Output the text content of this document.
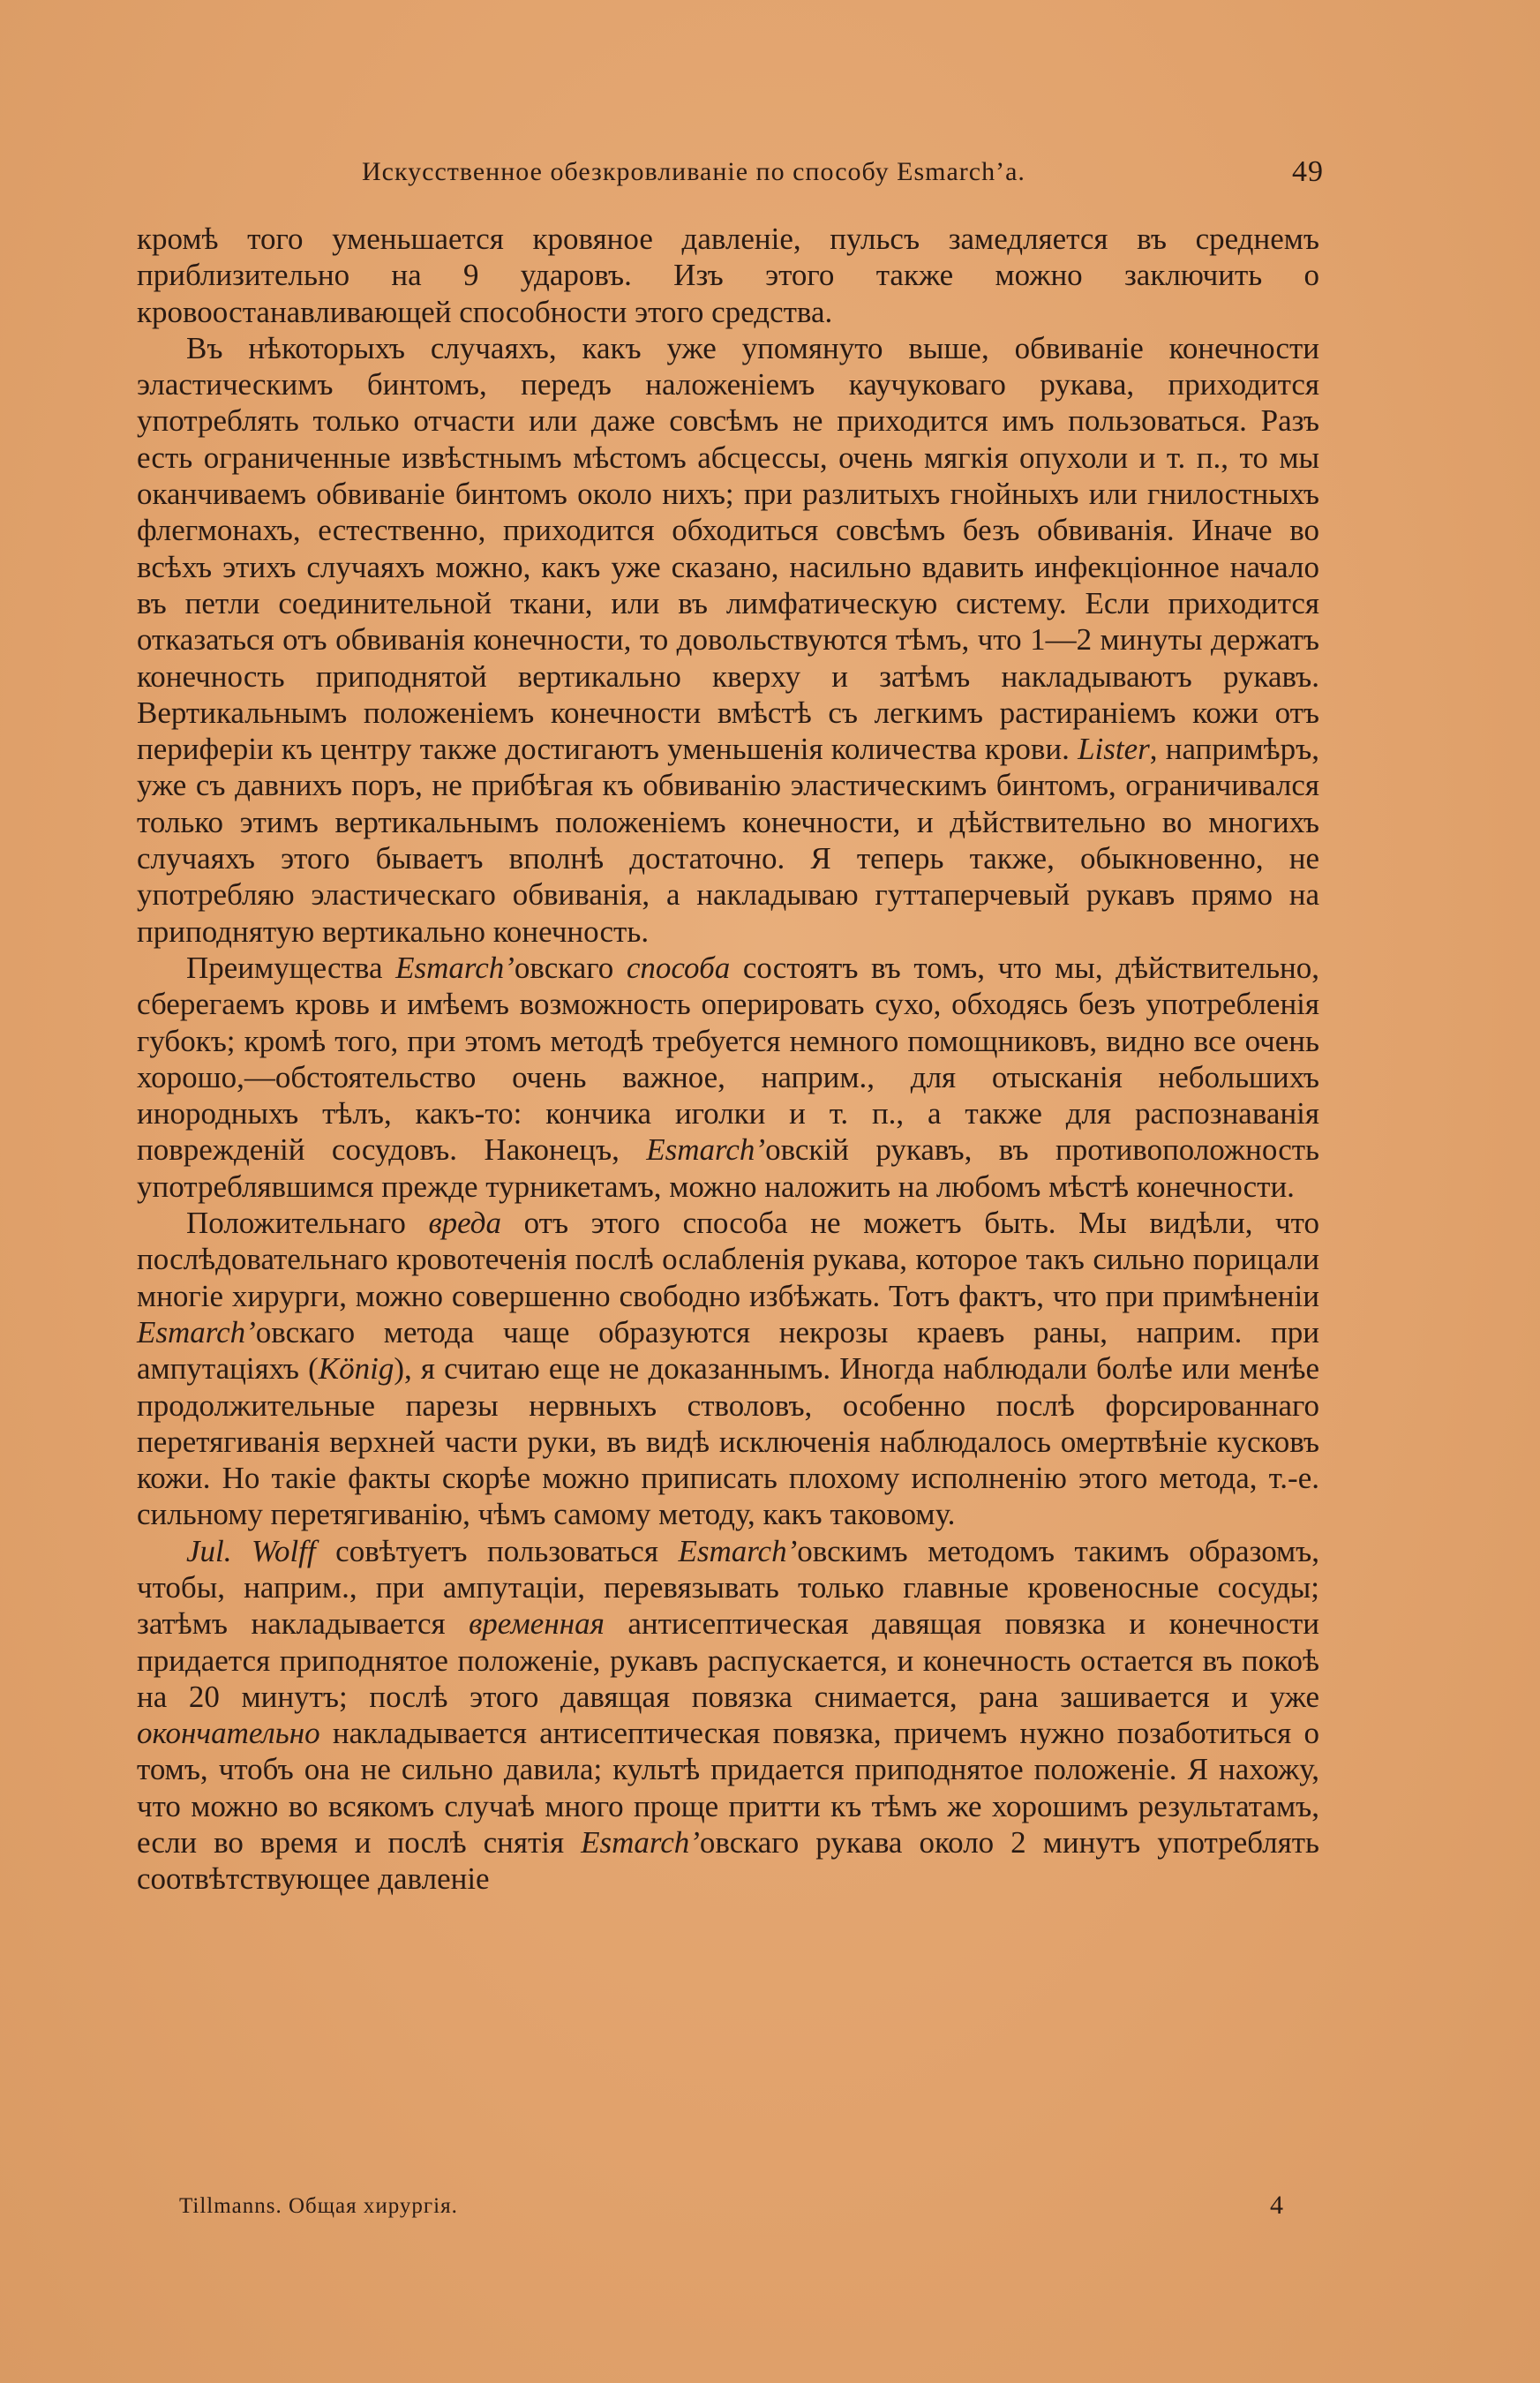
Искусственное обезкровливаніе по способу Esmarch’а.	49

кромѣ того уменьшается кровяное давленіе, пульсъ замедляется въ среднемъ приблизительно на 9 ударовъ. Изъ этого также можно заключить о кровоостанавливающей способности этого средства.

Въ нѣкоторыхъ случаяхъ, какъ уже упомянуто выше, обвиваніе конечности эластическимъ бинтомъ, передъ наложеніемъ каучуковаго рукава, приходится употреблять только отчасти или даже совсѣмъ не приходится имъ пользоваться. Разъ есть ограниченные извѣстнымъ мѣстомъ абсцессы, очень мягкія опухоли и т. п., то мы оканчиваемъ обвиваніе бинтомъ около нихъ; при разлитыхъ гнойныхъ или гнилостныхъ флегмонахъ, естественно, приходится обходиться совсѣмъ безъ обвиванія. Иначе во всѣхъ этихъ случаяхъ можно, какъ уже сказано, насильно вдавить инфекціонное начало въ петли соединительной ткани, или въ лимфатическую систему. Если приходится отказаться отъ обвиванія конечности, то довольствуются тѣмъ, что 1—2 минуты держатъ конечность приподнятой вертикально кверху и затѣмъ накладываютъ рукавъ. Вертикальнымъ положеніемъ конечности вмѣстѣ съ легкимъ растираніемъ кожи отъ периферіи къ центру также достигаютъ уменьшенія количества крови. Lister, напримѣръ, уже съ давнихъ поръ, не прибѣгая къ обвиванію эластическимъ бинтомъ, ограничивался только этимъ вертикальнымъ положеніемъ конечности, и дѣйствительно во многихъ случаяхъ этого бываетъ вполнѣ достаточно. Я теперь также, обыкновенно, не употребляю эластическаго обвиванія, а накладываю гуттаперчевый рукавъ прямо на приподнятую вертикально конечность.

Преимущества Esmarch’овскаго способа состоятъ въ томъ, что мы, дѣйствительно, сберегаемъ кровь и имѣемъ возможность оперировать сухо, обходясь безъ употребленія губокъ; кромѣ того, при этомъ методѣ требуется немного помощниковъ, видно все очень хорошо,—обстоятельство очень важное, наприм., для отысканія небольшихъ инородныхъ тѣлъ, какъ-то: кончика иголки и т. п., а также для распознаванія поврежденій сосудовъ. Наконецъ, Esmarch’овскій рукавъ, въ противоположность употреблявшимся прежде турникетамъ, можно наложить на любомъ мѣстѣ конечности.

Положительнаго вреда отъ этого способа не можетъ быть. Мы видѣли, что послѣдовательнаго кровотеченія послѣ ослабленія рукава, которое такъ сильно порицали многіе хирурги, можно совершенно свободно избѣжать. Тотъ фактъ, что при примѣненіи Esmarch’овскаго метода чаще образуются некрозы краевъ раны, наприм. при ампутаціяхъ (König), я считаю еще не доказаннымъ. Иногда наблюдали болѣе или менѣе продолжительные парезы нервныхъ стволовъ, особенно послѣ форсированнаго перетягиванія верхней части руки, въ видѣ исключенія наблюдалось омертвѣніе кусковъ кожи. Но такіе факты скорѣе можно приписать плохому исполненію этого метода, т.-е. сильному перетягиванію, чѣмъ самому методу, какъ таковому.

Jul. Wolff совѣтуетъ пользоваться Esmarch’овскимъ методомъ такимъ образомъ, чтобы, наприм., при ампутаціи, перевязывать только главные кровеносные сосуды; затѣмъ накладывается временная антисептическая давящая повязка и конечности придается приподнятое положеніе, рукавъ распускается, и конечность остается въ покоѣ на 20 минутъ; послѣ этого давящая повязка снимается, рана зашивается и уже окончательно накладывается антисептическая повязка, причемъ нужно позаботиться о томъ, чтобъ она не сильно давила; культѣ придается приподнятое положеніе. Я нахожу, что можно во всякомъ случаѣ много проще притти къ тѣмъ же хорошимъ результатамъ, если во время и послѣ снятія Esmarch’овскаго рукава около 2 минутъ употреблять соотвѣтствующее давленіе

Tillmanns. Общая хирургія.	4
